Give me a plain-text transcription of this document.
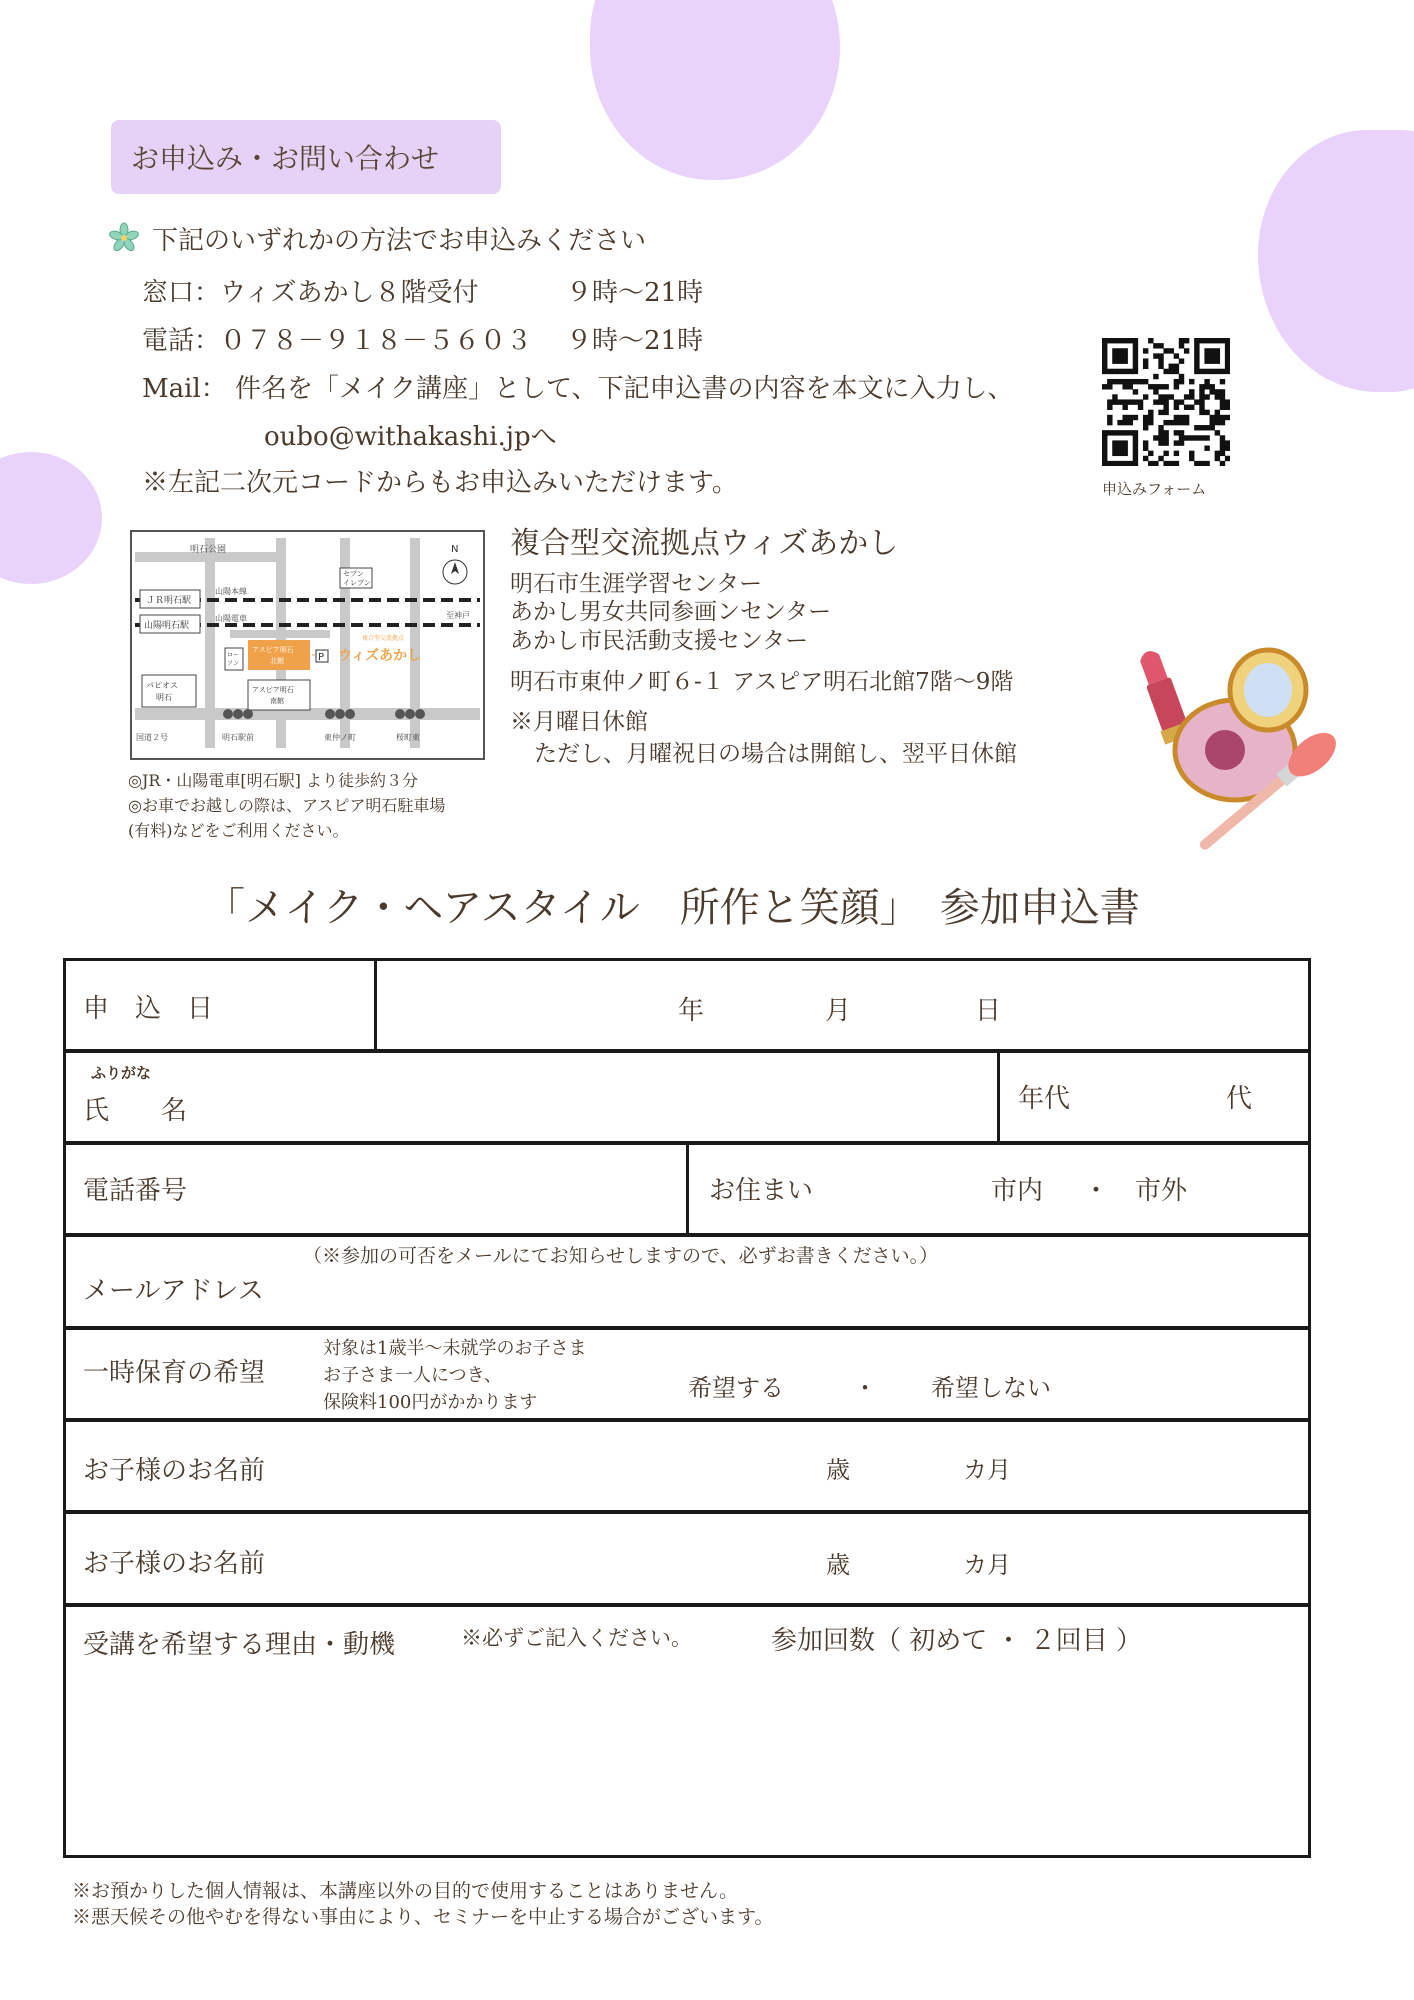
お申込み・お問い合わせ
下記のいずれかの方法でお申込みください
窓口：ウィズあかし８階受付	９時～21時
電話：０７８－９１８－５６０３ ９時～21時
Mail： 件名を「メイク講座」として、下記申込書の内容を本文に入力し、
oubo@withakashi.jpへ
※左記二次元コードからもお申込みいただけます。	申込みフォーム
明石公園
ＪＲ明石駅
山陽本線
山陽明石駅
山陽電車
セブン
イレブン
至神戸
N
アスピア明石
北館
複合型交流拠点
ウィズあかし
ロー
ソン
P
アスピア明石
南館
パピオス
明石
国道２号	明石駅前	東仲ノ町	桜町東
◎JR・山陽電車[明石駅] より徒歩約３分
◎お車でお越しの際は、アスピア明石駐車場
(有料)などをご利用ください。
複合型交流拠点ウィズあかし
明石市生涯学習センター
あかし男女共同参画ンセンター
あかし市民活動支援センター
明石市東仲ノ町６-１ アスピア明石北館7階～9階
※月曜日休館
ただし、月曜祝日の場合は開館し、翌平日休館
「メイク・ヘアスタイル　所作と笑顔」　参加申込書
申　込　日	年	月	日
ふりがな
氏　　名	年代	代
電話番号	お住まい	市内 ・ 市外
（※参加の可否をメールにてお知らせしますので、必ずお書きください。）
メールアドレス
一時保育の希望
対象は1歳半～未就学のお子さま
お子さま一人につき、
保険料100円がかかります
希望する	・ 希望しない
お子様のお名前	歳	カ月
お子様のお名前	歳	カ月
受講を希望する理由・動機	※必ずご記入ください。	参加回数（ 初めて ・ ２回目 ）
※お預かりした個人情報は、本講座以外の目的で使用することはありません。
※悪天候その他やむを得ない事由により、セミナーを中止する場合がございます。
